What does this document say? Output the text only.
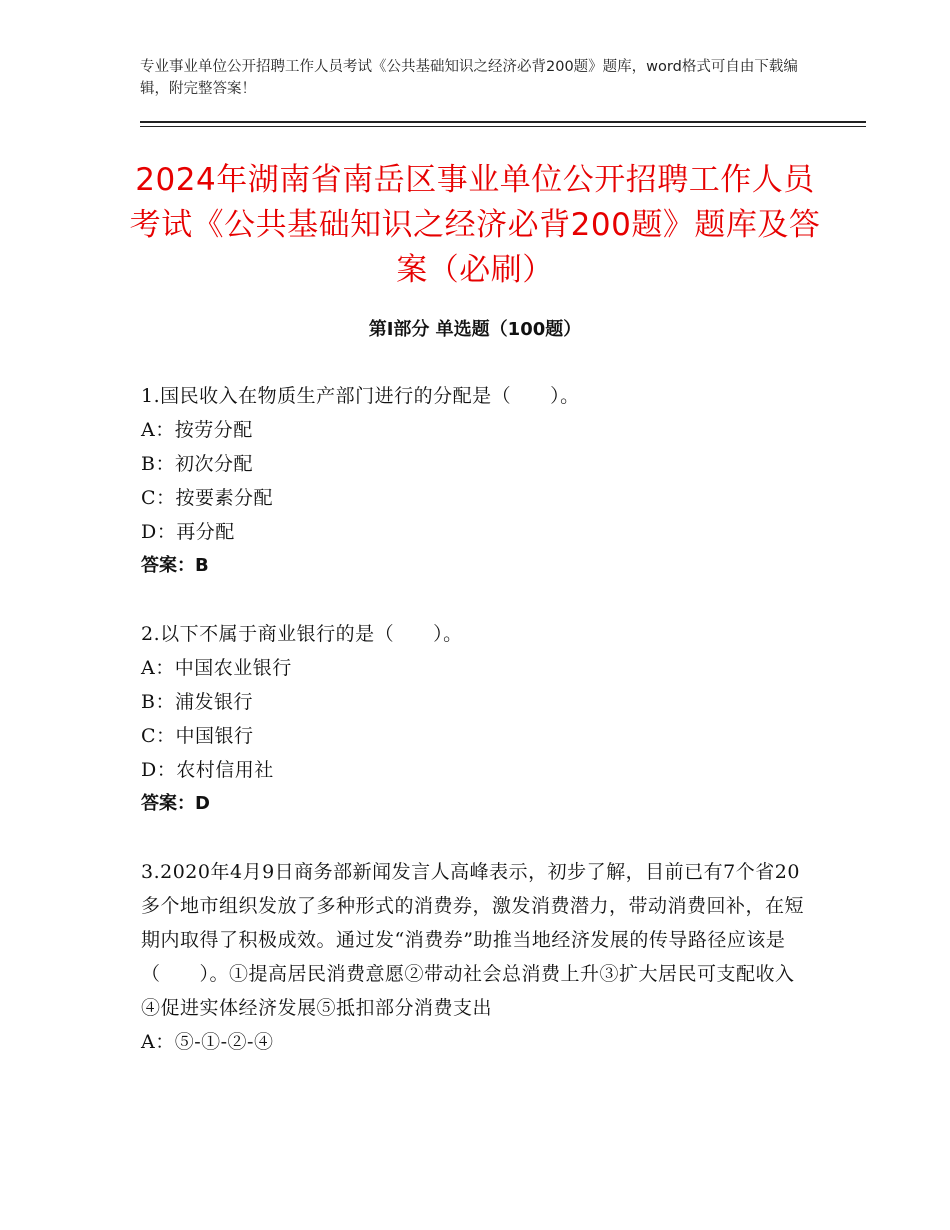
专业事业单位公开招聘工作人员考试《公共基础知识之经济必背200题》题库，word格式可自由下载编辑，附完整答案！
2024年湖南省南岳区事业单位公开招聘工作人员考试《公共基础知识之经济必背200题》题库及答案（必刷）
第Ⅰ部分 单选题（100题）
1.国民收入在物质生产部门进行的分配是（　　）。
A：按劳分配
B：初次分配
C：按要素分配
D：再分配
答案：B
2.以下不属于商业银行的是（　　）。
A：中国农业银行
B：浦发银行
C：中国银行
D：农村信用社
答案：D
3.2020年4月9日商务部新闻发言人高峰表示，初步了解，目前已有7个省20多个地市组织发放了多种形式的消费券，激发消费潜力，带动消费回补，在短期内取得了积极成效。通过发“消费券”助推当地经济发展的传导路径应该是（　　）。①提高居民消费意愿②带动社会总消费上升③扩大居民可支配收入④促进实体经济发展⑤抵扣部分消费支出
A：⑤-①-②-④
